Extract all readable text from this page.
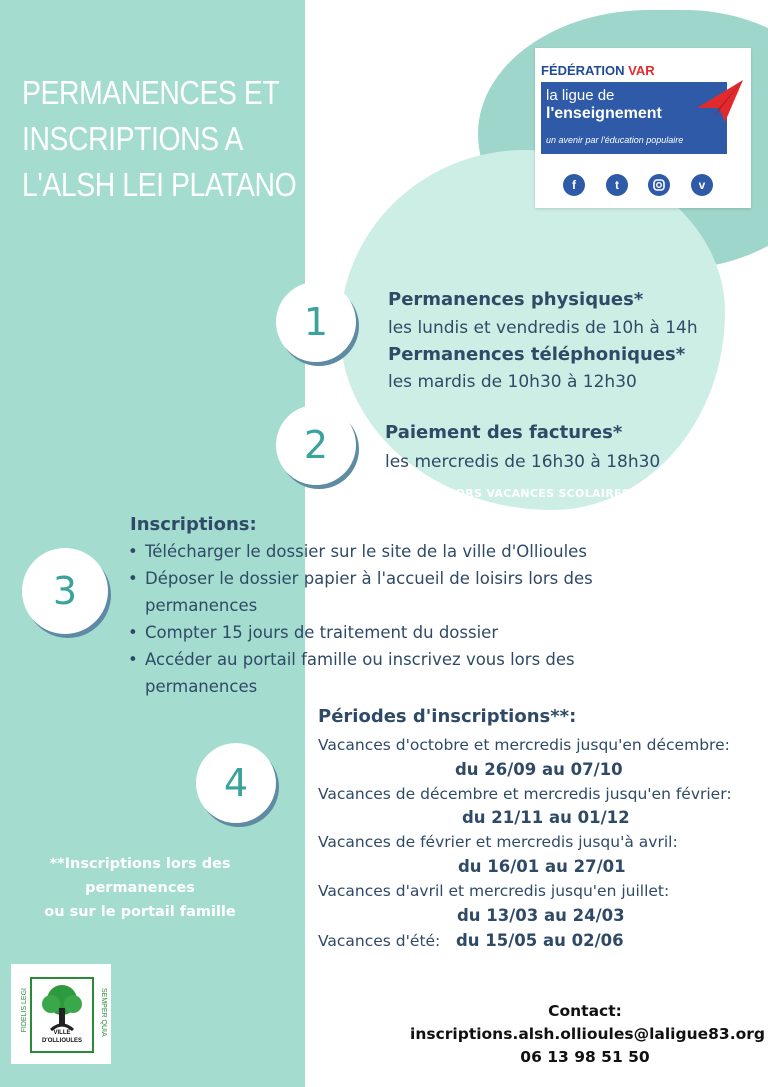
PERMANENCES ET
INSCRIPTIONS A
L'ALSH LEI PLATANO
FÉDÉRATION VAR
la ligue de
l'enseignement
un avenir par l'éducation populaire
f	t	v
1
2
3
4
Permanences physiques*
les lundis et vendredis de 10h à 14h
Permanences téléphoniques*
les mardis de 10h30 à 12h30
Paiement des factures*
les mercredis de 16h30 à 18h30
*HORS VACANCES SCOLAIRES
Inscriptions:
• Télécharger le dossier sur le site de la ville d'Ollioules
• Déposer le dossier papier à l'accueil de loisirs lors des permanences
• Compter 15 jours de traitement du dossier
• Accéder au portail famille ou inscrivez vous lors des permanences
Périodes d'inscriptions**:
Vacances d'octobre et mercredis jusqu'en décembre:
du 26/09 au 07/10
Vacances de décembre et mercredis jusqu'en février:
du 21/11 au 01/12
Vacances de février et mercredis jusqu'à avril:
du 16/01 au 27/01
Vacances d'avril et mercredis jusqu'en juillet:
du 13/03 au 24/03
Vacances d'été: du 15/05 au 02/06
**Inscriptions lors des
permanences
ou sur le portail famille
FIDELIS LEGI	SEMPER QUIA
VILLE
D'OLLIOULES
Contact:
inscriptions.alsh.ollioules@laligue83.org
06 13 98 51 50
